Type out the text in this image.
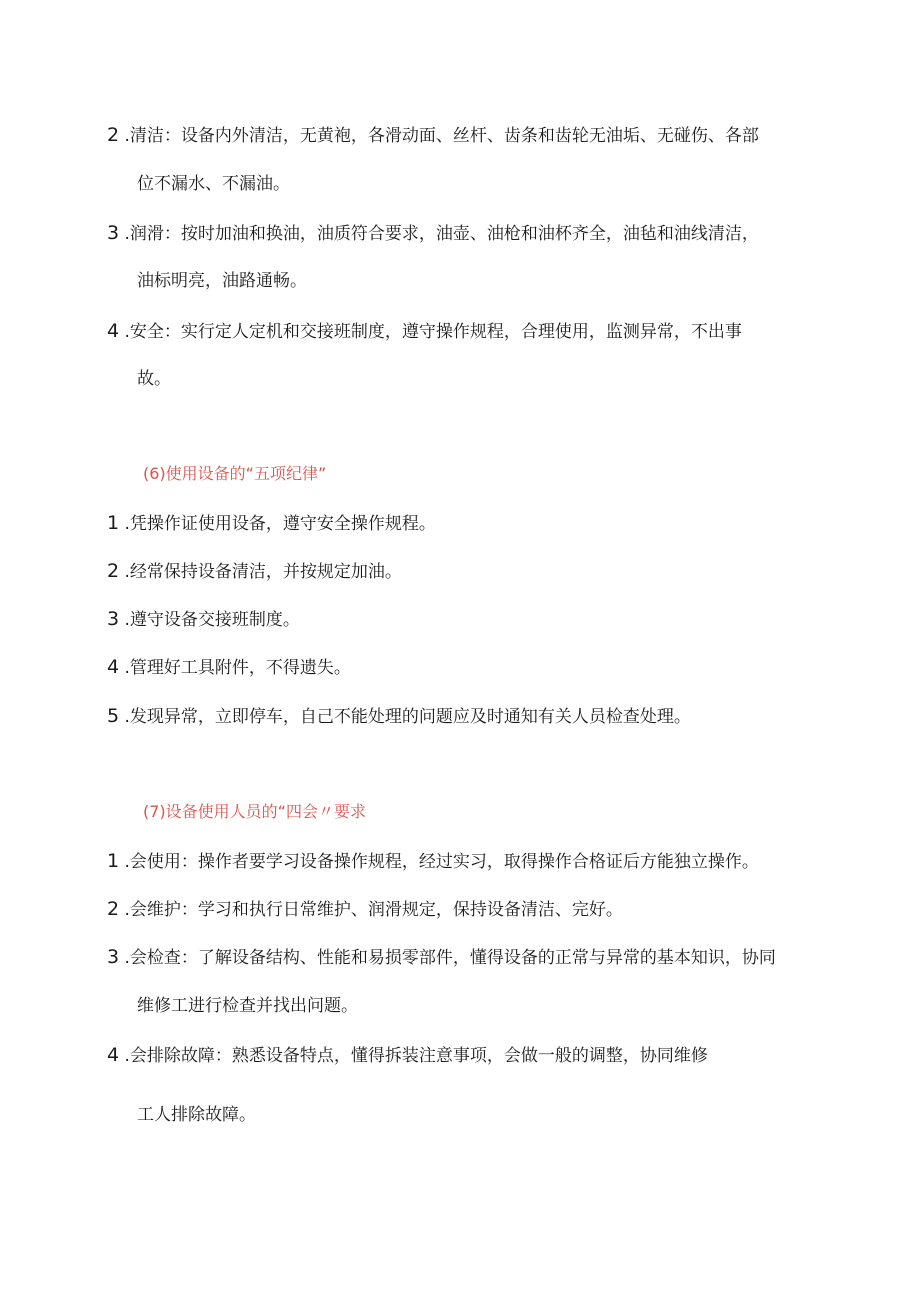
2 .清洁：设备内外清洁，无黄袍，各滑动面、丝杆、齿条和齿轮无油垢、无碰伤、各部
位不漏水、不漏油。
3 .润滑：按时加油和换油，油质符合要求，油壶、油枪和油杯齐全，油毡和油线清洁，
油标明亮，油路通畅。
4 .安全：实行定人定机和交接班制度，遵守操作规程，合理使用，监测异常，不出事
故。
(6)使用设备的“五项纪律”
1 .凭操作证使用设备，遵守安全操作规程。
2 .经常保持设备清洁，并按规定加油。
3 .遵守设备交接班制度。
4 .管理好工具附件，不得遗失。
5 .发现异常，立即停车，自己不能处理的问题应及时通知有关人员检查处理。
(7)设备使用人员的“四会〃要求
1 .会使用：操作者要学习设备操作规程，经过实习，取得操作合格证后方能独立操作。
2 .会维护：学习和执行日常维护、润滑规定，保持设备清洁、完好。
3 .会检查：了解设备结构、性能和易损零部件，懂得设备的正常与异常的基本知识，协同
维修工进行检查并找出问题。
4 .会排除故障：熟悉设备特点，懂得拆装注意事项，会做一般的调整，协同维修
工人排除故障。
